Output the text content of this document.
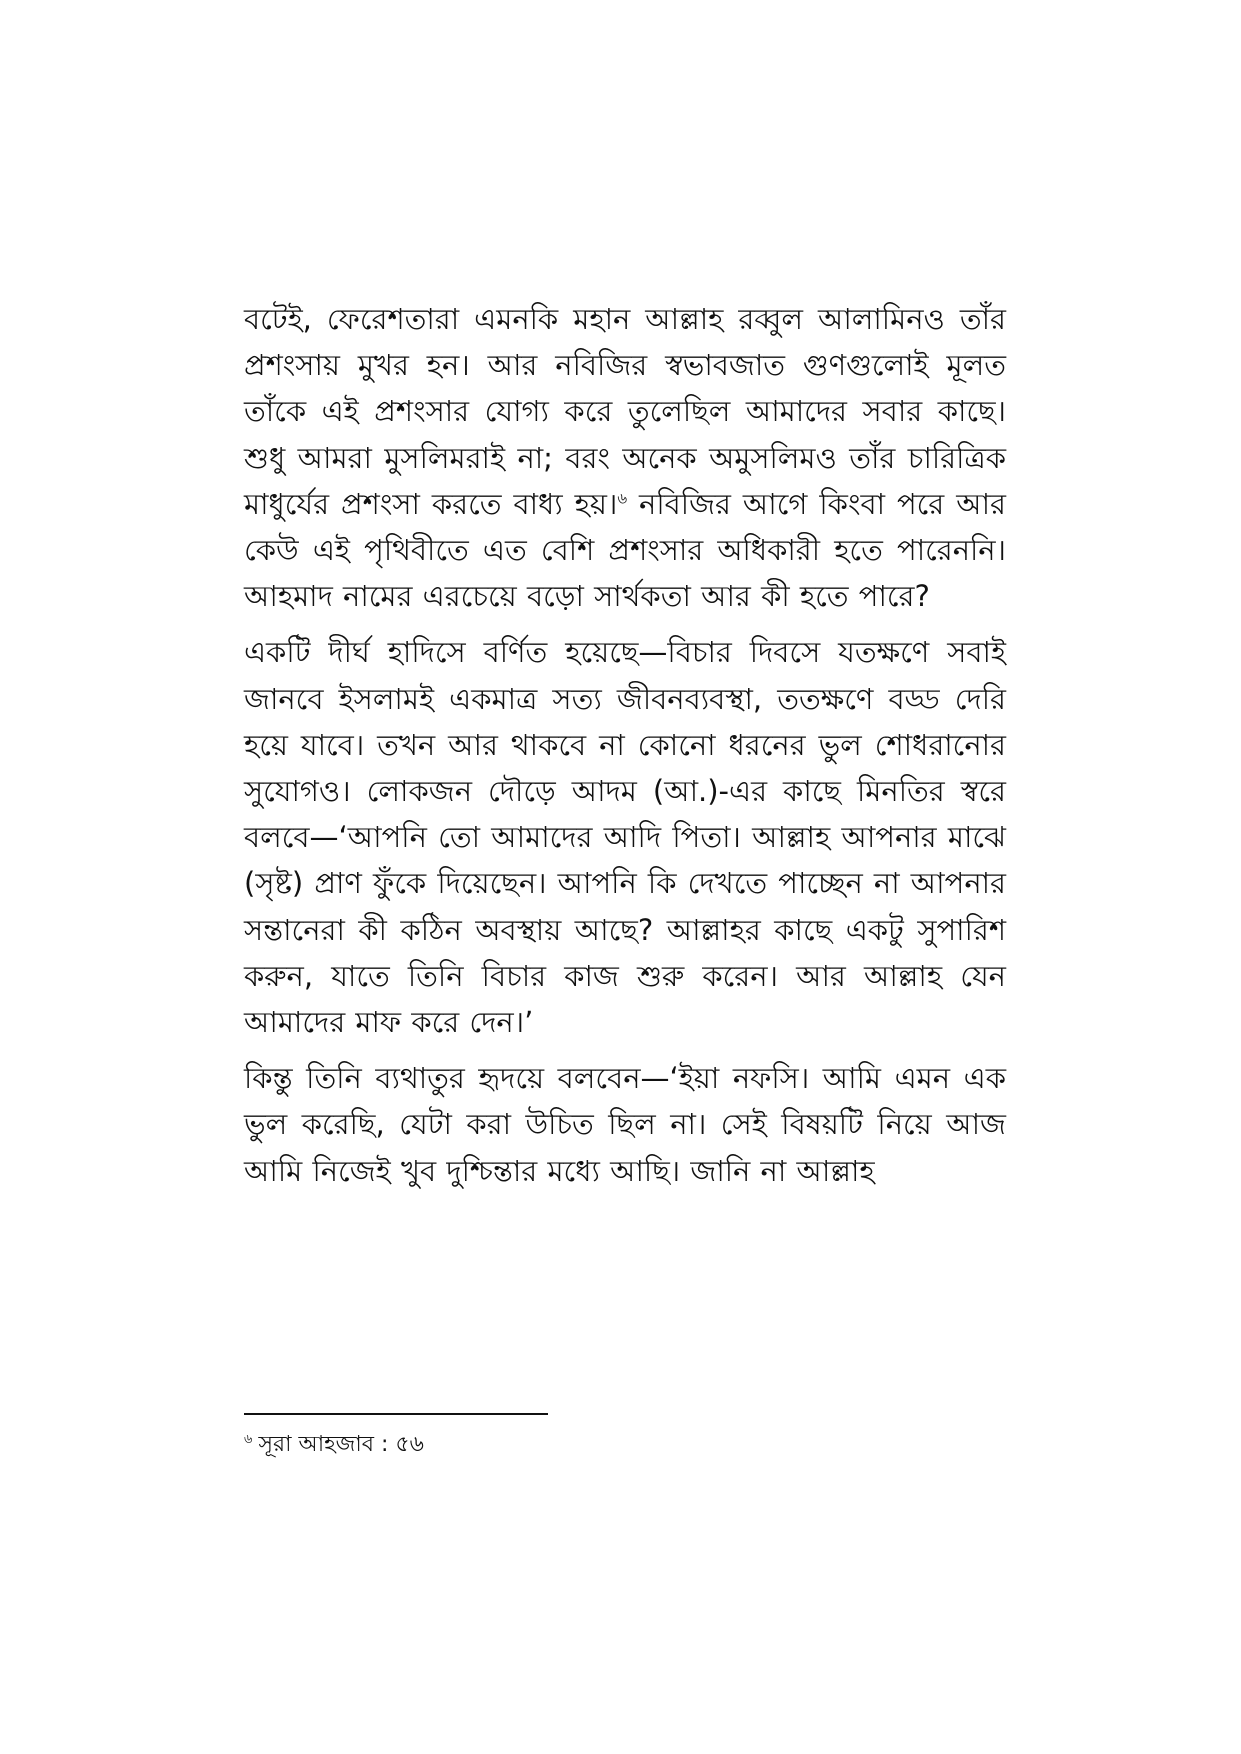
বটেই, ফেরেশতারা এমনকি মহান আল্লাহ রব্বুল আলামিনও তাঁর প্রশংসায় মুখর হন। আর নবিজির স্বভাবজাত গুণগুলোই মূলত তাঁকে এই প্রশংসার যোগ্য করে তুলেছিল আমাদের সবার কাছে। শুধু আমরা মুসলিমরাই না; বরং অনেক অমুসলিমও তাঁর চারিত্রিক মাধুর্যের প্রশংসা করতে বাধ্য হয়।$^৬$ নবিজির আগে কিংবা পরে আর কেউ এই পৃথিবীতে এত বেশি প্রশংসার অধিকারী হতে পারেননি। আহমাদ নামের এরচেয়ে বড়ো সার্থকতা আর কী হতে পারে?

একটি দীর্ঘ হাদিসে বর্ণিত হয়েছে—বিচার দিবসে যতক্ষণে সবাই জানবে ইসলামই একমাত্র সত্য জীবনব্যবস্থা, ততক্ষণে বড্ড দেরি হয়ে যাবে। তখন আর থাকবে না কোনো ধরনের ভুল শোধরানোর সুযোগও। লোকজন দৌড়ে আদম (আ.)-এর কাছে মিনতির স্বরে বলবে—‘আপনি তো আমাদের আদি পিতা। আল্লাহ আপনার মাঝে (সৃষ্ট) প্রাণ ফুঁকে দিয়েছেন। আপনি কি দেখতে পাচ্ছেন না আপনার সন্তানেরা কী কঠিন অবস্থায় আছে? আল্লাহর কাছে একটু সুপারিশ করুন, যাতে তিনি বিচার কাজ শুরু করেন। আর আল্লাহ যেন আমাদের মাফ করে দেন।’

কিন্তু তিনি ব্যথাতুর হৃদয়ে বলবেন—‘ইয়া নফসি। আমি এমন এক ভুল করেছি, যেটা করা উচিত ছিল না। সেই বিষয়টি নিয়ে আজ আমি নিজেই খুব দুশ্চিন্তার মধ্যে আছি। জানি না আল্লাহ

$^৬$ সূরা আহজাব : ৫৬
